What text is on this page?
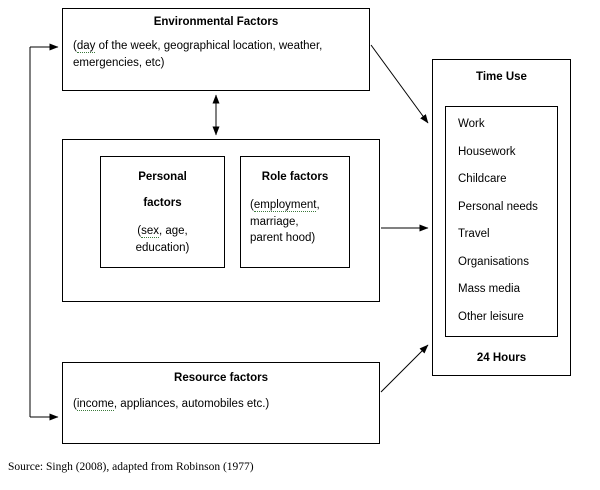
Environmental Factors
(day of the week, geographical location, weather, emergencies, etc)
Personal
factors
(sex, age,
education)
Role factors
(employment,
marriage,
parent hood)
Resource factors
(income, appliances, automobiles etc.)
Time Use
24 Hours
Work
Housework
Childcare
Personal needs
Travel
Organisations
Mass media
Other leisure
Source: Singh (2008), adapted from Robinson (1977)
